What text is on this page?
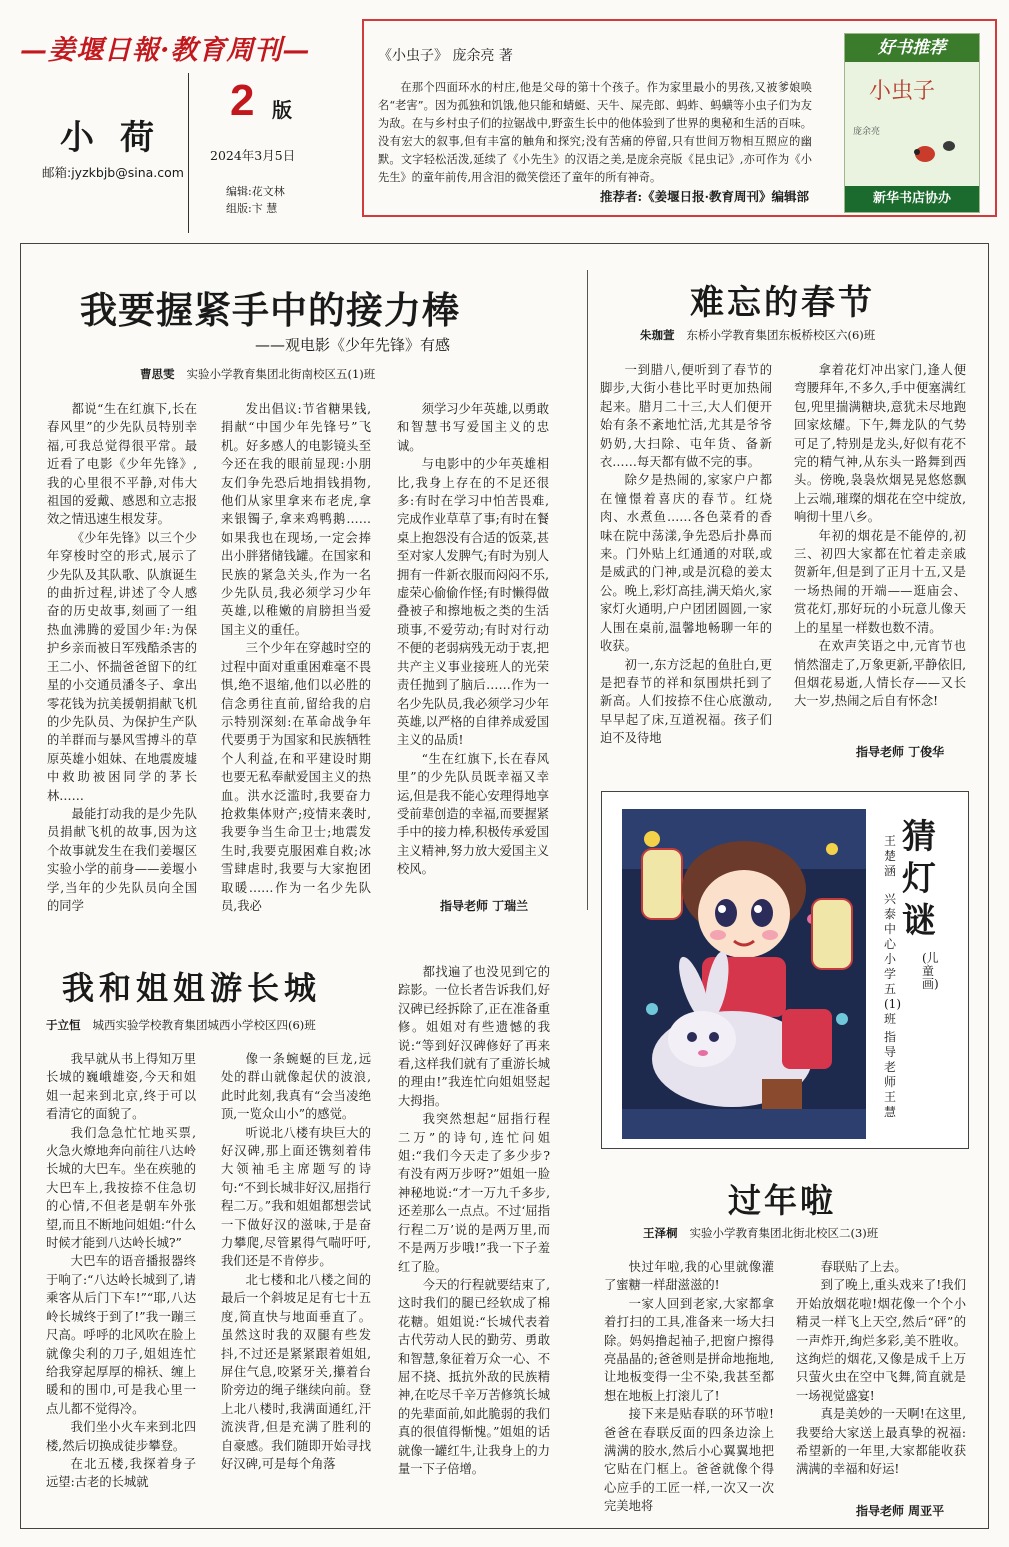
—姜堰日報·教育周刊—
小荷
邮箱:jyzkbjb@sina.com
2 版
2024年3月5日
编辑:花文林
组版:卞 慧
《小虫子》 庞余亮 著
在那个四面环水的村庄,他是父母的第十个孩子。作为家里最小的男孩,又被爹娘唤名“老害”。因为孤独和饥饿,他只能和蜻蜓、天牛、屎壳郎、蚂蚱、蚂蟥等小虫子们为友为敌。在与乡村虫子们的拉锯战中,野蛮生长中的他体验到了世界的奥秘和生活的百味。没有宏大的叙事,但有丰富的触角和探究;没有苦痛的停留,只有世间万物相互照应的幽默。文字轻松活泼,延续了《小先生》的汉语之美,是庞余亮版《昆虫记》,亦可作为《小先生》的童年前传,用含泪的微笑偿还了童年的所有神奇。
推荐者:《姜堰日报·教育周刊》编辑部
好书推荐
小虫子
庞余亮
新华书店协办
我要握紧手中的接力棒
——观电影《少年先锋》有感
曹思雯 实验小学教育集团北街南校区五(1)班

都说“生在红旗下,长在春风里”的少先队员特别幸福,可我总觉得很平常。最近看了电影《少年先锋》,我的心里很不平静,对伟大祖国的爱戴、感恩和立志报效之情迅速生根发芽。

《少年先锋》以三个少年穿梭时空的形式,展示了少先队及其队歌、队旗诞生的曲折过程,讲述了令人感奋的历史故事,刻画了一组热血沸腾的爱国少年:为保护乡亲而被日军残酷杀害的王二小、怀揣爸爸留下的红星的小交通员潘冬子、拿出零花钱为抗美援朝捐献飞机的少先队员、为保护生产队的羊群而与暴风雪搏斗的草原英雄小姐妹、在地震废墟中救助被困同学的茅长林……

最能打动我的是少先队员捐献飞机的故事,因为这个故事就发生在我们姜堰区实验小学的前身——姜堰小学,当年的少先队员向全国的同学

发出倡议:节省糖果钱,捐献“中国少年先锋号”飞机。好多感人的电影镜头至今还在我的眼前显现:小朋友们争先恐后地捐钱捐物,他们从家里拿来布老虎,拿来银镯子,拿来鸡鸭鹅……如果我也在现场,一定会捧出小胖猪储钱罐。在国家和民族的紧急关头,作为一名少先队员,我必须学习少年英雄,以稚嫩的肩膀担当爱国主义的重任。

三个少年在穿越时空的过程中面对重重困难毫不畏惧,绝不退缩,他们以必胜的信念勇往直前,留给我的启示特别深刻:在革命战争年代要勇于为国家和民族牺牲个人利益,在和平建设时期也要无私奉献爱国主义的热血。洪水泛滥时,我要奋力抢救集体财产;疫情来袭时,我要争当生命卫士;地震发生时,我要克服困难自救;冰雪肆虐时,我要与大家抱团取暖……作为一名少先队员,我必

须学习少年英雄,以勇敢和智慧书写爱国主义的忠诚。

与电影中的少年英雄相比,我身上存在的不足还很多:有时在学习中怕苦畏难,完成作业草草了事;有时在餐桌上抱怨没有合适的饭菜,甚至对家人发脾气;有时为别人拥有一件新衣服而闷闷不乐,虚荣心偷偷作怪;有时懒得做叠被子和擦地板之类的生活琐事,不爱劳动;有时对行动不便的老弱病残无动于衷,把共产主义事业接班人的光荣责任抛到了脑后……作为一名少先队员,我必须学习少年英雄,以严格的自律养成爱国主义的品质!

“生在红旗下,长在春风里”的少先队员既幸福又幸运,但是我不能心安理得地享受前辈创造的幸福,而要握紧手中的接力棒,积极传承爱国主义精神,努力放大爱国主义校风。

指导老师 丁瑞兰
难忘的春节
朱珈萱 东桥小学教育集团东板桥校区六(6)班

一到腊八,便听到了春节的脚步,大街小巷比平时更加热闹起来。腊月二十三,大人们便开始有条不紊地忙活,尤其是爷爷奶奶,大扫除、屯年货、备新衣……每天都有做不完的事。

除夕是热闹的,家家户户都在憧憬着喜庆的春节。红烧肉、水煮鱼……各色菜肴的香味在院中荡漾,争先恐后扑鼻而来。门外贴上红通通的对联,或是威武的门神,或是沉稳的姜太公。晚上,彩灯高挂,满天焰火,家家灯火通明,户户团团圆圆,一家人围在桌前,温馨地畅聊一年的收获。

初一,东方泛起的鱼肚白,更是把春节的祥和氛围烘托到了新高。人们按捺不住心底激动,早早起了床,互道祝福。孩子们迫不及待地

拿着花灯冲出家门,逢人便弯腰拜年,不多久,手中便塞满红包,兜里揣满糖块,意犹未尽地跑回家炫耀。下午,舞龙队的气势可足了,特别是龙头,好似有花不完的精气神,从东头一路舞到西头。傍晚,袅袅炊烟晃晃悠悠飘上云端,璀璨的烟花在空中绽放,响彻十里八乡。

年初的烟花是不能停的,初三、初四大家都在忙着走亲戚贺新年,但是到了正月十五,又是一场热闹的开端——逛庙会、赏花灯,那好玩的小玩意儿像天上的星星一样数也数不清。

在欢声笑语之中,元宵节也悄然溜走了,万象更新,平静依旧,但烟花易逝,人情长存——又长大一岁,热闹之后自有怀念!

指导老师 丁俊华
猜灯谜
(儿童画)
王楚涵
兴泰中心小学五(1)班
指导老师 王慧
我和姐姐游长城
于立恒 城西实验学校教育集团城西小学校区四(6)班

我早就从书上得知万里长城的巍峨雄姿,今天和姐姐一起来到北京,终于可以看清它的面貌了。

我们急急忙忙地买票,火急火燎地奔向前往八达岭长城的大巴车。坐在疾驰的大巴车上,我按捺不住急切的心情,不但老是朝车外张望,而且不断地问姐姐:“什么时候才能到八达岭长城?”

大巴车的语音播报器终于响了:“八达岭长城到了,请乘客从后门下车!”“耶,八达岭长城终于到了!”我一蹦三尺高。呼呼的北风吹在脸上就像尖利的刀子,姐姐连忙给我穿起厚厚的棉袄、缠上暖和的围巾,可是我心里一点儿都不觉得冷。

我们坐小火车来到北四楼,然后切换成徒步攀登。

在北五楼,我探着身子远望:古老的长城就

像一条蜿蜒的巨龙,远处的群山就像起伏的波浪,此时此刻,我真有“会当凌绝顶,一览众山小”的感觉。

听说北八楼有块巨大的好汉碑,那上面还镌刻着伟大领袖毛主席题写的诗句:“不到长城非好汉,屈指行程二万。”我和姐姐都想尝试一下做好汉的滋味,于是奋力攀爬,尽管累得气喘吁吁,我们还是不肯停步。

北七楼和北八楼之间的最后一个斜坡足足有七十五度,简直快与地面垂直了。虽然这时我的双腿有些发抖,不过还是紧紧跟着姐姐,屏住气息,咬紧牙关,攥着台阶旁边的绳子继续向前。登上北八楼时,我满面通红,汗流浃背,但是充满了胜利的自豪感。我们随即开始寻找好汉碑,可是每个角落

都找遍了也没见到它的踪影。一位长者告诉我们,好汉碑已经拆除了,正在准备重修。姐姐对有些遗憾的我说:“等到好汉碑修好了再来看,这样我们就有了重游长城的理由!”我连忙向姐姐竖起大拇指。

我突然想起“屈指行程二万”的诗句,连忙问姐姐:“我们今天走了多少步?有没有两万步呀?”姐姐一脸神秘地说:“才一万九千多步,还差那么一点点。不过‘屈指行程二万’说的是两万里,而不是两万步哦!”我一下子羞红了脸。

今天的行程就要结束了,这时我们的腿已经软成了棉花糖。姐姐说:“长城代表着古代劳动人民的勤劳、勇敢和智慧,象征着万众一心、不屈不挠、抵抗外敌的民族精神,在吃尽千辛万苦修筑长城的先辈面前,如此脆弱的我们真的很值得惭愧。”姐姐的话就像一罐红牛,让我身上的力量一下子倍增。

过年啦
王泽桐 实验小学教育集团北街北校区二(3)班

快过年啦,我的心里就像灌了蜜糖一样甜滋滋的!

一家人回到老家,大家都拿着打扫的工具,准备来一场大扫除。妈妈撸起袖子,把窗户擦得亮晶晶的;爸爸则是拼命地拖地,让地板变得一尘不染,我甚至都想在地板上打滚儿了!

接下来是贴春联的环节啦!爸爸在春联反面的四条边涂上满满的胶水,然后小心翼翼地把它贴在门框上。爸爸就像个得心应手的工匠一样,一次又一次完美地将

春联贴了上去。

到了晚上,重头戏来了!我们开始放烟花啦!烟花像一个个小精灵一样飞上天空,然后“砰”的一声炸开,绚烂多彩,美不胜收。这绚烂的烟花,又像是成千上万只萤火虫在空中飞舞,简直就是一场视觉盛宴!

真是美妙的一天啊!在这里,我要给大家送上最真挚的祝福:希望新的一年里,大家都能收获满满的幸福和好运!

指导老师 周亚平
